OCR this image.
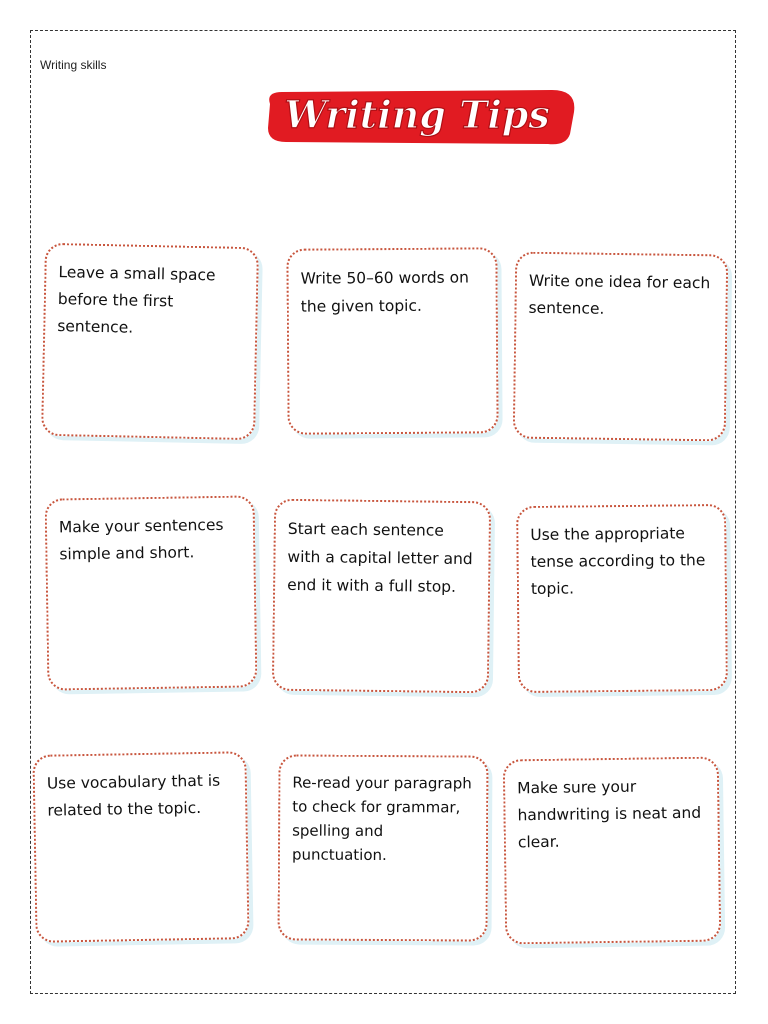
Writing skills
Writing Tips

Leave a small space before the first sentence.

Write 50–60 words on the given topic.

Write one idea for each sentence.

Make your sentences simple and short.

Start each sentence with a capital letter and end it with a full stop.

Use the appropriate tense according to the topic.

Use vocabulary that is related to the topic.

Re-read your paragraph to check for grammar, spelling and punctuation.

Make sure your handwriting is neat and clear.
